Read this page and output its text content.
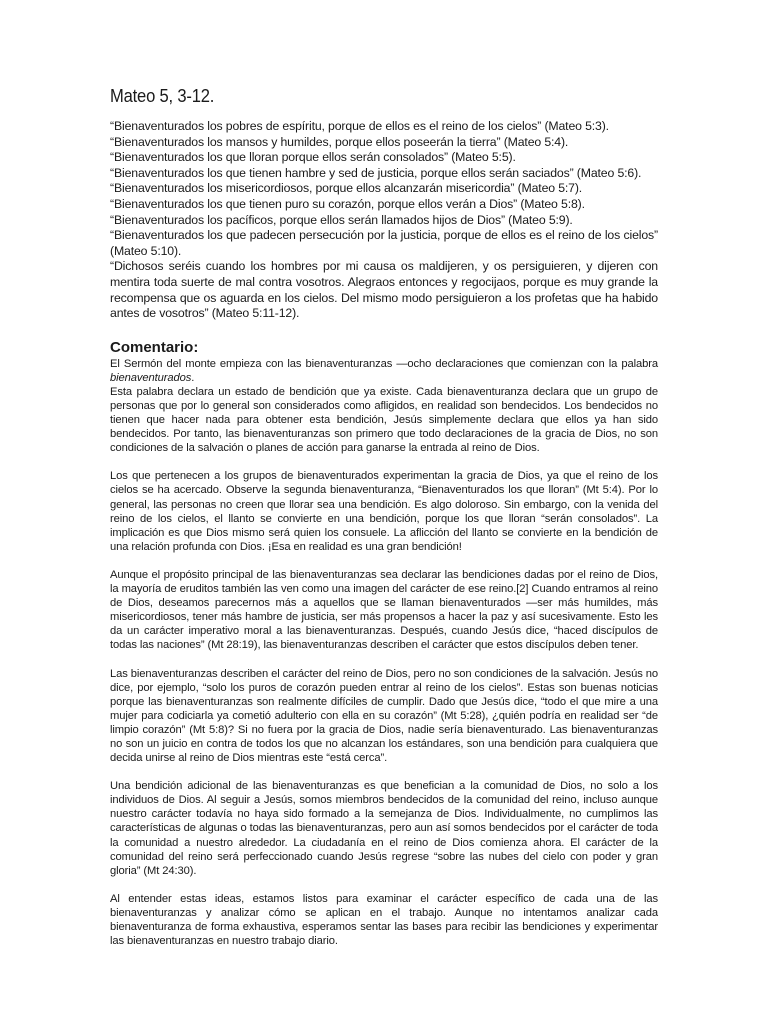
Mateo 5, 3-12.

“Bienaventurados los pobres de espíritu, porque de ellos es el reino de los cielos” (Mateo 5:3).

“Bienaventurados los mansos y humildes, porque ellos poseerán la tierra” (Mateo 5:4).

“Bienaventurados los que lloran porque ellos serán consolados” (Mateo 5:5).

“Bienaventurados los que tienen hambre y sed de justicia, porque ellos serán saciados” (Mateo 5:6).

“Bienaventurados los misericordiosos, porque ellos alcanzarán misericordia” (Mateo 5:7).

“Bienaventurados los que tienen puro su corazón, porque ellos verán a Dios” (Mateo 5:8).

“Bienaventurados los pacíficos, porque ellos serán llamados hijos de Dios” (Mateo 5:9).

“Bienaventurados los que padecen persecución por la justicia, porque de ellos es el reino de los cielos” (Mateo 5:10).

“Dichosos seréis cuando los hombres por mi causa os maldijeren, y os persiguieren, y dijeren con mentira toda suerte de mal contra vosotros. Alegraos entonces y regocijaos, porque es muy grande la recompensa que os aguarda en los cielos. Del mismo modo persiguieron a los profetas que ha habido antes de vosotros” (Mateo 5:11-12).

Comentario:

El Sermón del monte empieza con las bienaventuranzas —ocho declaraciones que comienzan con la palabra bienaventurados.

Esta palabra declara un estado de bendición que ya existe. Cada bienaventuranza declara que un grupo de personas que por lo general son considerados como afligidos, en realidad son bendecidos. Los bendecidos no tienen que hacer nada para obtener esta bendición, Jesús simplemente declara que ellos ya han sido bendecidos. Por tanto, las bienaventuranzas son primero que todo declaraciones de la gracia de Dios, no son condiciones de la salvación o planes de acción para ganarse la entrada al reino de Dios.

Los que pertenecen a los grupos de bienaventurados experimentan la gracia de Dios, ya que el reino de los cielos se ha acercado. Observe la segunda bienaventuranza, “Bienaventurados los que lloran” (Mt 5:4). Por lo general, las personas no creen que llorar sea una bendición. Es algo doloroso. Sin embargo, con la venida del reino de los cielos, el llanto se convierte en una bendición, porque los que lloran “serán consolados”. La implicación es que Dios mismo será quien los consuele. La aflicción del llanto se convierte en la bendición de una relación profunda con Dios. ¡Esa en realidad es una gran bendición!

Aunque el propósito principal de las bienaventuranzas sea declarar las bendiciones dadas por el reino de Dios, la mayoría de eruditos también las ven como una imagen del carácter de ese reino.[2] Cuando entramos al reino de Dios, deseamos parecernos más a aquellos que se llaman bienaventurados —ser más humildes, más misericordiosos, tener más hambre de justicia, ser más propensos a hacer la paz y así sucesivamente. Esto les da un carácter imperativo moral a las bienaventuranzas. Después, cuando Jesús dice, “haced discípulos de todas las naciones” (Mt 28:19), las bienaventuranzas describen el carácter que estos discípulos deben tener.

Las bienaventuranzas describen el carácter del reino de Dios, pero no son condiciones de la salvación. Jesús no dice, por ejemplo, “solo los puros de corazón pueden entrar al reino de los cielos”. Estas son buenas noticias porque las bienaventuranzas son realmente difíciles de cumplir. Dado que Jesús dice, “todo el que mire a una mujer para codiciarla ya cometió adulterio con ella en su corazón” (Mt 5:28), ¿quién podría en realidad ser “de limpio corazón” (Mt 5:8)? Si no fuera por la gracia de Dios, nadie sería bienaventurado. Las bienaventuranzas no son un juicio en contra de todos los que no alcanzan los estándares, son una bendición para cualquiera que decida unirse al reino de Dios mientras este “está cerca”.

Una bendición adicional de las bienaventuranzas es que benefician a la comunidad de Dios, no solo a los individuos de Dios. Al seguir a Jesús, somos miembros bendecidos de la comunidad del reino, incluso aunque nuestro carácter todavía no haya sido formado a la semejanza de Dios. Individualmente, no cumplimos las características de algunas o todas las bienaventuranzas, pero aun así somos bendecidos por el carácter de toda la comunidad a nuestro alrededor. La ciudadanía en el reino de Dios comienza ahora. El carácter de la comunidad del reino será perfeccionado cuando Jesús regrese “sobre las nubes del cielo con poder y gran gloria” (Mt 24:30).

Al entender estas ideas, estamos listos para examinar el carácter específico de cada una de las bienaventuranzas y analizar cómo se aplican en el trabajo. Aunque no intentamos analizar cada bienaventuranza de forma exhaustiva, esperamos sentar las bases para recibir las bendiciones y experimentar las bienaventuranzas en nuestro trabajo diario.
